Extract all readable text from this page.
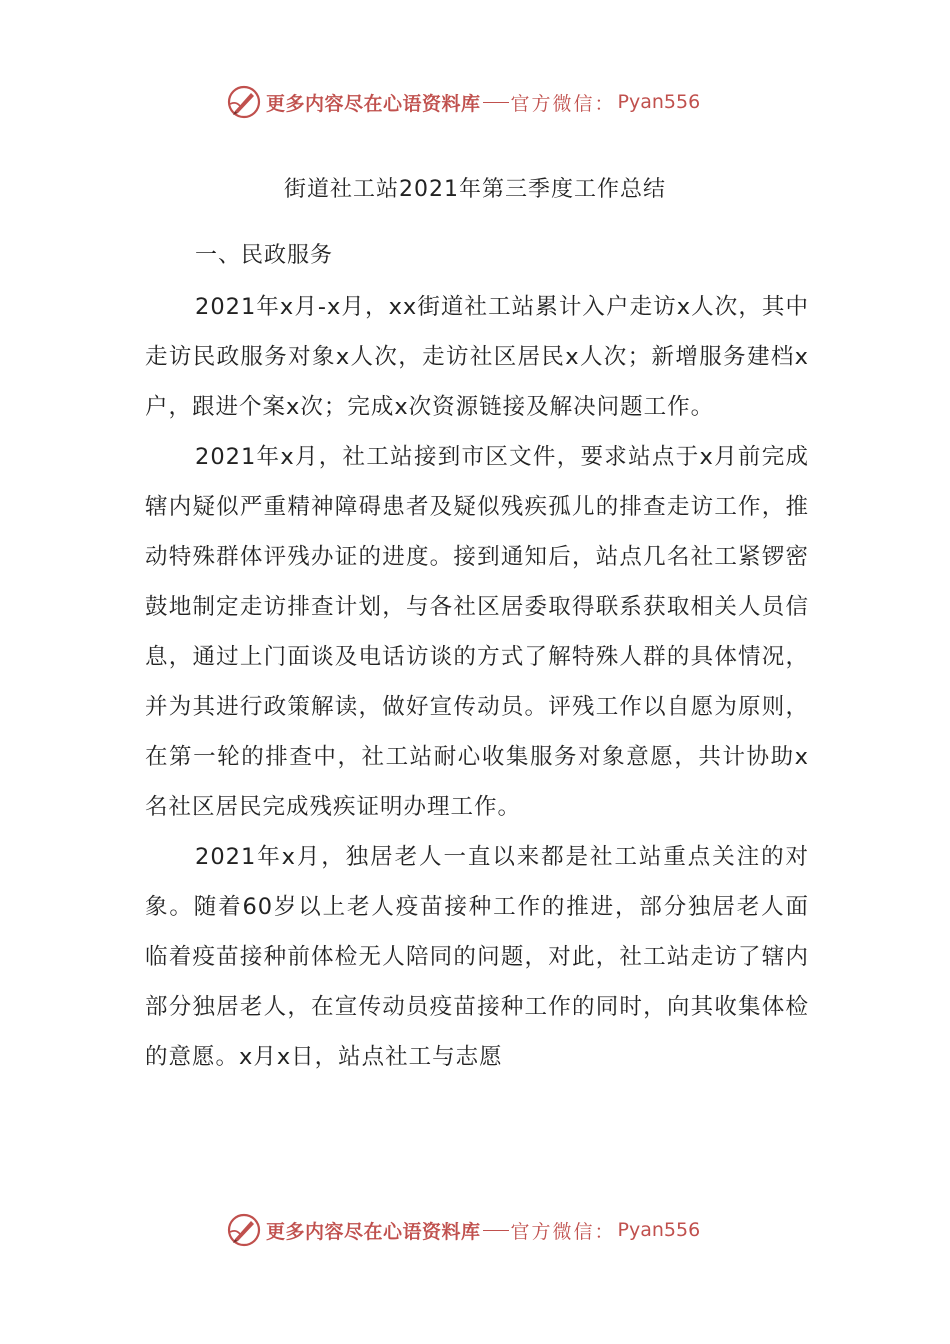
更多内容尽在心语资料库 官方微信： Pyan556
街道社工站2021年第三季度工作总结
一、民政服务

2021年x月-x月，xx街道社工站累计入户走访x人次，其中走访民政服务对象x人次，走访社区居民x人次；新增服务建档x户，跟进个案x次；完成x次资源链接及解决问题工作。

2021年x月，社工站接到市区文件，要求站点于x月前完成辖内疑似严重精神障碍患者及疑似残疾孤儿的排查走访工作，推动特殊群体评残办证的进度。接到通知后，站点几名社工紧锣密鼓地制定走访排查计划，与各社区居委取得联系获取相关人员信息，通过上门面谈及电话访谈的方式了解特殊人群的具体情况，并为其进行政策解读，做好宣传动员。评残工作以自愿为原则，在第一轮的排查中，社工站耐心收集服务对象意愿，共计协助x名社区居民完成残疾证明办理工作。

2021年x月，独居老人一直以来都是社工站重点关注的对象。随着60岁以上老人疫苗接种工作的推进，部分独居老人面临着疫苗接种前体检无人陪同的问题，对此，社工站走访了辖内部分独居老人，在宣传动员疫苗接种工作的同时，向其收集体检的意愿。x月x日，站点社工与志愿

更多内容尽在心语资料库 官方微信： Pyan556
